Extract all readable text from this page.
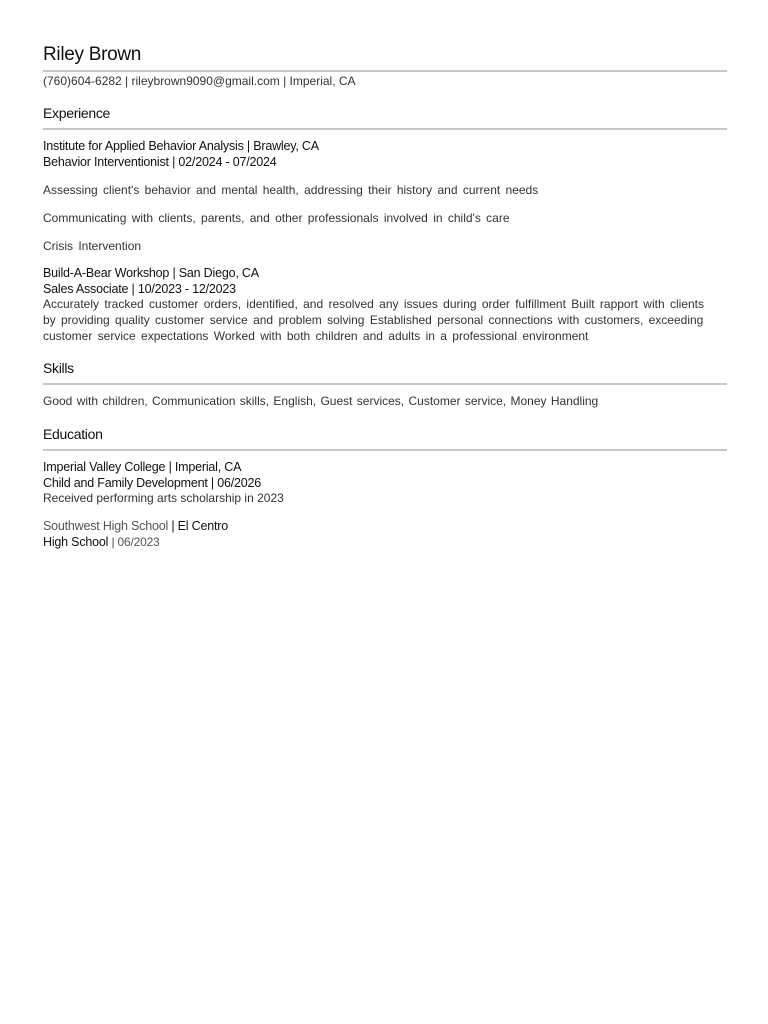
Riley Brown
(760)604-6282 | rileybrown9090@gmail.com | Imperial, CA
Experience
Institute for Applied Behavior Analysis | Brawley, CA
Behavior Interventionist | 02/2024 - 07/2024
Assessing client's behavior and mental health, addressing their history and current needs
Communicating with clients, parents, and other professionals involved in child's care
Crisis Intervention
Build-A-Bear Workshop | San Diego, CA
Sales Associate | 10/2023 - 12/2023
Accurately tracked customer orders, identified, and resolved any issues during order fulfillment Built rapport with clients by providing quality customer service and problem solving Established personal connections with customers, exceeding customer service expectations Worked with both children and adults in a professional environment
Skills
Good with children, Communication skills, English, Guest services, Customer service, Money Handling
Education
Imperial Valley College | Imperial, CA
Child and Family Development | 06/2026
Received performing arts scholarship in 2023
Southwest High School | El Centro
High School | 06/2023
